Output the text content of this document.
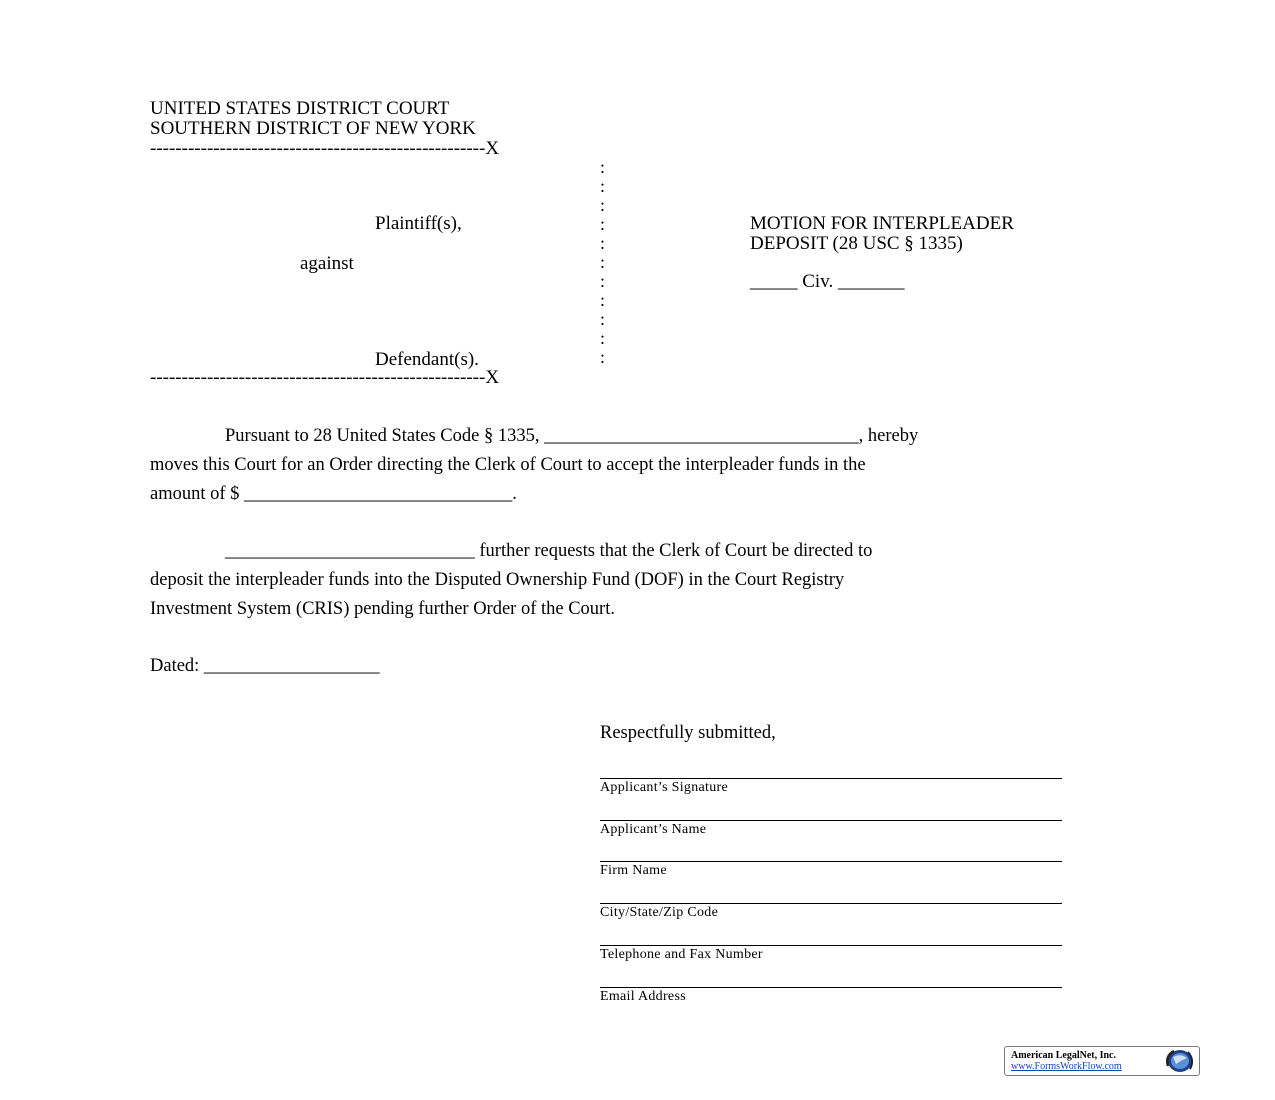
UNITED STATES DISTRICT COURT
SOUTHERN DISTRICT OF NEW YORK
-----------------------------------------------------X
:
:
:
:
:
:
:
:
:
:
:
Plaintiff(s),
against
Defendant(s).
-----------------------------------------------------X
MOTION FOR INTERPLEADER
DEPOSIT (28 USC § 1335)
_____ Civ. _______
Pursuant to 28 United States Code § 1335, __________________________________, hereby
moves this Court for an Order directing the Clerk of Court to accept the interpleader funds in the
amount of $ _____________________________.
___________________________ further requests that the Clerk of Court be directed to
deposit the interpleader funds into the Disputed Ownership Fund (DOF) in the Court Registry
Investment System (CRIS) pending further Order of the Court.
Dated: ___________________
Respectfully submitted,
Applicant’s Signature
Applicant’s Name
Firm Name
City/State/Zip Code
Telephone and Fax Number
Email Address
American LegalNet, Inc.
www.FormsWorkFlow.com
